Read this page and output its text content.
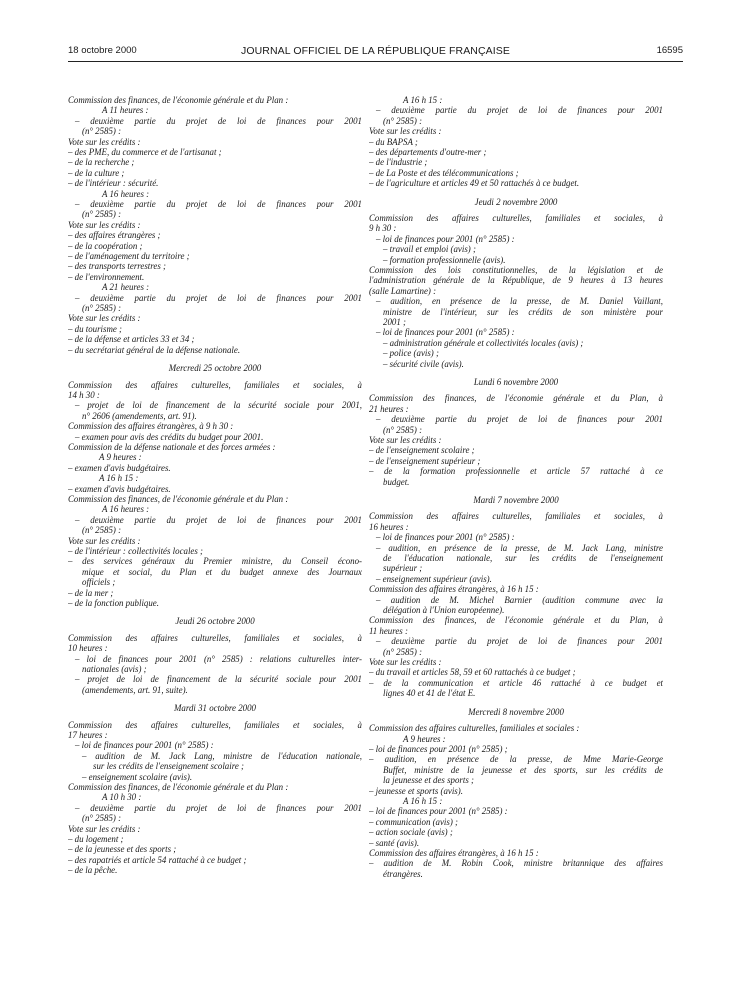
18 octobre 2000	JOURNAL OFFICIEL DE LA RÉPUBLIQUE FRANÇAISE	16595
Commission des finances, de l'économie générale et du Plan :
A 11 heures :
– deuxième partie du projet de loi de finances pour 2001
(n° 2585) :
Vote sur les crédits :
– des PME, du commerce et de l'artisanat ;
– de la recherche ;
– de la culture ;
– de l'intérieur : sécurité.
A 16 heures :
– deuxième partie du projet de loi de finances pour 2001
(n° 2585) :
Vote sur les crédits :
– des affaires étrangères ;
– de la coopération ;
– de l'aménagement du territoire ;
– des transports terrestres ;
– de l'environnement.
A 21 heures :
– deuxième partie du projet de loi de finances pour 2001
(n° 2585) :
Vote sur les crédits :
– du tourisme ;
– de la défense et articles 33 et 34 ;
– du secrétariat général de la défense nationale.
Mercredi 25 octobre 2000
Commission des affaires culturelles, familiales et sociales, à
14 h 30 :
– projet de loi de financement de la sécurité sociale pour 2001,
n° 2606 (amendements, art. 91).
Commission des affaires étrangères, à 9 h 30 :
– examen pour avis des crédits du budget pour 2001.
Commission de la défense nationale et des forces armées :
A 9 heures :
– examen d'avis budgétaires.
A 16 h 15 :
– examen d'avis budgétaires.
Commission des finances, de l'économie générale et du Plan :
A 16 heures :
– deuxième partie du projet de loi de finances pour 2001
(n° 2585) :
Vote sur les crédits :
– de l'intérieur : collectivités locales ;
– des services généraux du Premier ministre, du Conseil écono-
mique et social, du Plan et du budget annexe des Journaux
officiels ;
– de la mer ;
– de la fonction publique.
Jeudi 26 octobre 2000
Commission des affaires culturelles, familiales et sociales, à
10 heures :
– loi de finances pour 2001 (n° 2585) : relations culturelles inter-
nationales (avis) ;
– projet de loi de financement de la sécurité sociale pour 2001
(amendements, art. 91, suite).
Mardi 31 octobre 2000
Commission des affaires culturelles, familiales et sociales, à
17 heures :
– loi de finances pour 2001 (n° 2585) :
– audition de M. Jack Lang, ministre de l'éducation nationale,
sur les crédits de l'enseignement scolaire ;
– enseignement scolaire (avis).
Commission des finances, de l'économie générale et du Plan :
A 10 h 30 :
– deuxième partie du projet de loi de finances pour 2001
(n° 2585) :
Vote sur les crédits :
– du logement ;
– de la jeunesse et des sports ;
– des rapatriés et article 54 rattaché à ce budget ;
– de la pêche.
A 16 h 15 :
– deuxième partie du projet de loi de finances pour 2001
(n° 2585) :
Vote sur les crédits :
– du BAPSA ;
– des départements d'outre-mer ;
– de l'industrie ;
– de La Poste et des télécommunications ;
– de l'agriculture et articles 49 et 50 rattachés à ce budget.
Jeudi 2 novembre 2000
Commission des affaires culturelles, familiales et sociales, à
9 h 30 :
– loi de finances pour 2001 (n° 2585) :
– travail et emploi (avis) ;
– formation professionnelle (avis).
Commission des lois constitutionnelles, de la législation et de
l'administration générale de la République, de 9 heures à 13 heures
(salle Lamartine) :
– audition, en présence de la presse, de M. Daniel Vaillant,
ministre de l'intérieur, sur les crédits de son ministère pour
2001 ;
– loi de finances pour 2001 (n° 2585) :
– administration générale et collectivités locales (avis) ;
– police (avis) ;
– sécurité civile (avis).
Lundi 6 novembre 2000
Commission des finances, de l'économie générale et du Plan, à
21 heures :
– deuxième partie du projet de loi de finances pour 2001
(n° 2585) :
Vote sur les crédits :
– de l'enseignement scolaire ;
– de l'enseignement supérieur ;
– de la formation professionnelle et article 57 rattaché à ce
budget.
Mardi 7 novembre 2000
Commission des affaires culturelles, familiales et sociales, à
16 heures :
– loi de finances pour 2001 (n° 2585) :
– audition, en présence de la presse, de M. Jack Lang, ministre
de l'éducation nationale, sur les crédits de l'enseignement
supérieur ;
– enseignement supérieur (avis).
Commission des affaires étrangères, à 16 h 15 :
– audition de M. Michel Barnier (audition commune avec la
délégation à l'Union européenne).
Commission des finances, de l'économie générale et du Plan, à
11 heures :
– deuxième partie du projet de loi de finances pour 2001
(n° 2585) :
Vote sur les crédits :
– du travail et articles 58, 59 et 60 rattachés à ce budget ;
– de la communication et article 46 rattaché à ce budget et
lignes 40 et 41 de l'état E.
Mercredi 8 novembre 2000
Commission des affaires culturelles, familiales et sociales :
A 9 heures :
– loi de finances pour 2001 (n° 2585) ;
– audition, en présence de la presse, de Mme Marie-George
Buffet, ministre de la jeunesse et des sports, sur les crédits de
la jeunesse et des sports ;
– jeunesse et sports (avis).
A 16 h 15 :
– loi de finances pour 2001 (n° 2585) :
– communication (avis) ;
– action sociale (avis) ;
– santé (avis).
Commission des affaires étrangères, à 16 h 15 :
– audition de M. Robin Cook, ministre britannique des affaires
étrangères.
